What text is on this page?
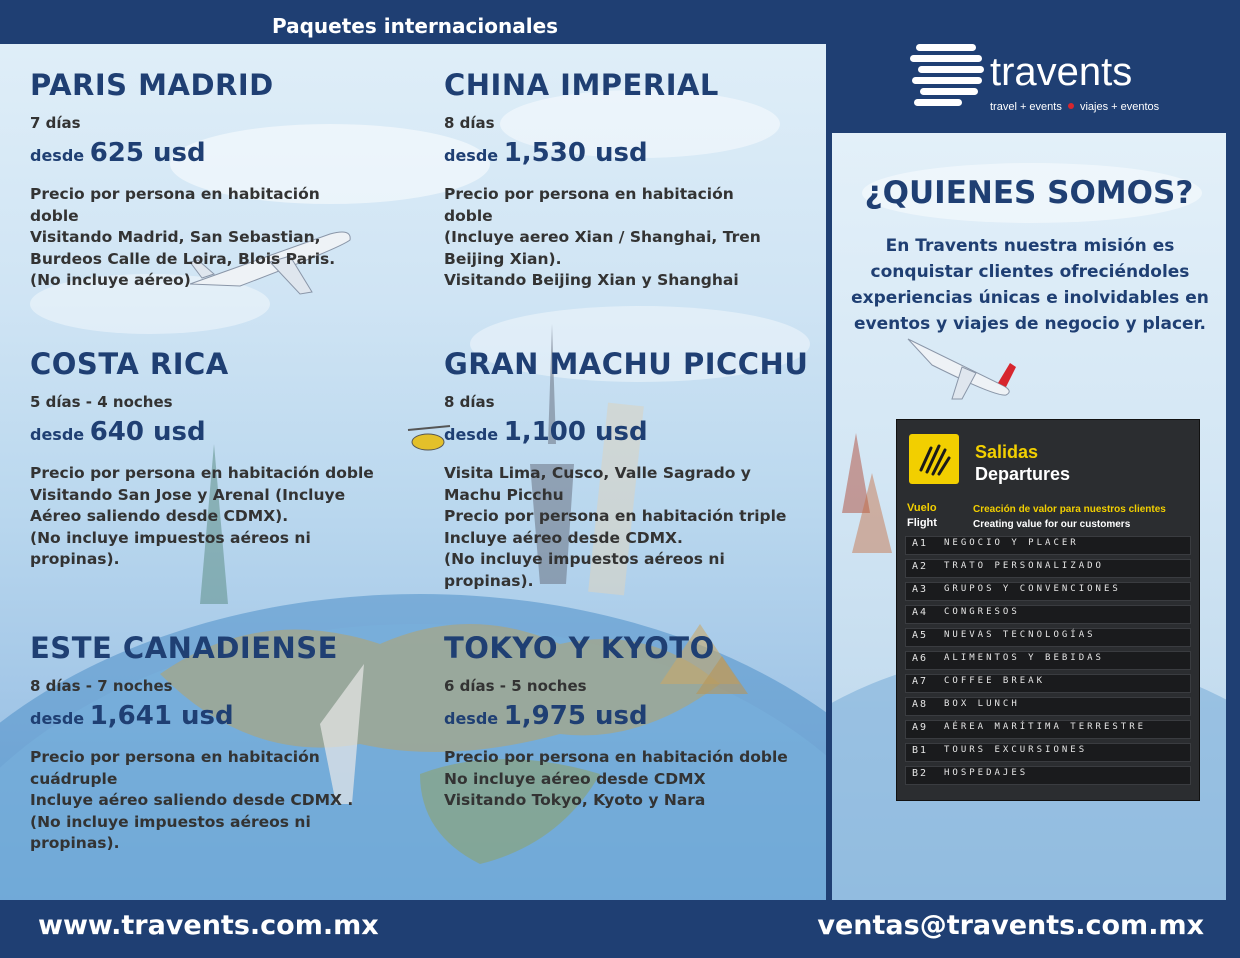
Paquetes internacionales
travents
travel + events viajes + eventos
PARIS MADRID
7 días
desde 625 usd
Precio por persona en habitación
doble
Visitando Madrid, San Sebastian,
Burdeos Calle de Loira, Blois Paris.
(No incluye aéreo)
CHINA IMPERIAL
8 días
desde 1,530 usd
Precio por persona en habitación
doble
(Incluye aereo Xian / Shanghai, Tren
Beijing Xian).
Visitando Beijing Xian y Shanghai
COSTA RICA
5 días - 4 noches
desde 640 usd
Precio por persona en habitación doble
Visitando San Jose y Arenal (Incluye
Aéreo saliendo desde CDMX).
(No incluye impuestos aéreos ni
propinas).
GRAN MACHU PICCHU
8 días
desde 1,100 usd
Visita Lima, Cusco, Valle Sagrado y
Machu Picchu
Precio por persona en habitación triple
Incluye aéreo desde CDMX.
(No incluye impuestos aéreos ni
propinas).
ESTE CANADIENSE
8 días - 7 noches
desde 1,641 usd
Precio por persona en habitación
cuádruple
Incluye aéreo saliendo desde CDMX .
(No incluye impuestos aéreos ni
propinas).
TOKYO Y KYOTO
6 días - 5 noches
desde 1,975 usd
Precio por persona en habitación doble
No incluye aéreo desde CDMX
Visitando Tokyo, Kyoto y Nara
¿QUIENES SOMOS?
En Travents nuestra misión es conquistar clientes ofreciéndoles experiencias únicas e inolvidables en eventos y viajes de negocio y placer.
Salidas
Departures
Vuelo
Flight
Creación de valor para nuestros clientes
Creating value for our customers
A1 NEGOCIO Y PLACER
A2 TRATO PERSONALIZADO
A3 GRUPOS Y CONVENCIONES
A4 CONGRESOS
A5 NUEVAS TECNOLOGÍAS
A6 ALIMENTOS Y BEBIDAS
A7 COFFEE BREAK
A8 BOX LUNCH
A9 AÉREA MARÍTIMA TERRESTRE
B1 TOURS EXCURSIONES
B2 HOSPEDAJES
www.travents.com.mx	ventas@travents.com.mx
